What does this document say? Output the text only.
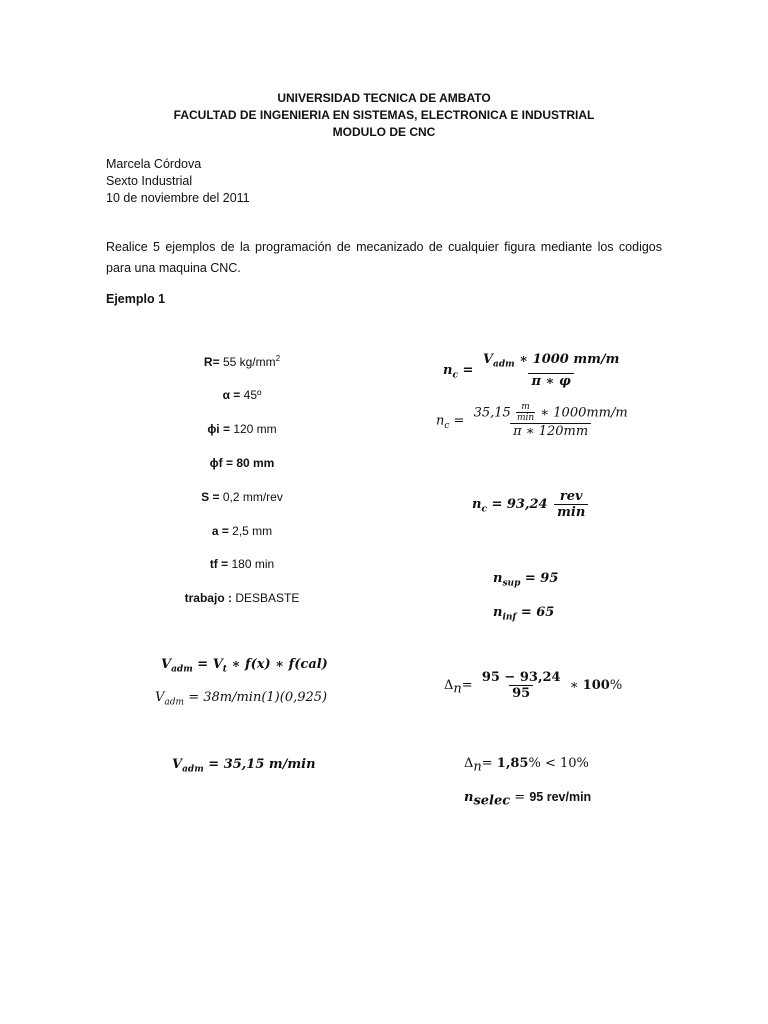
UNIVERSIDAD TECNICA DE AMBATO
FACULTAD DE INGENIERIA EN SISTEMAS, ELECTRONICA E INDUSTRIAL
MODULO DE CNC
Marcela Córdova
Sexto Industrial
10 de noviembre del 2011
Realice 5 ejemplos de la programación de mecanizado de cualquier figura mediante los codigos para una maquina CNC.
Ejemplo 1
R= 55 $kg/mm^2$
α = 45º
ϕi = 120 mm
ϕf = 80 mm
S = 0,2 mm/rev
a = 2,5 mm
tf = 180 min
trabajo : DESBASTE
$V_{adm} = V_t$ ∗ f(x) ∗ f(cal)
$V_{adm} = 38m/\min(1)(0,925)$
$V_{adm} = 35,15$ m/min
$n_c = \frac{V_{adm} ∗ 1000 mm/m}{\pi ∗ \varphi}$
$n_c = \frac{35,15 \frac{m}{\min} ∗ 1000mm/m}{\pi ∗ 120mm}$
$n_c = 93,24 \frac{\text{rev}}{\min}$
$n_{sup} = 95$
$n_{inf} = 65$
$\Delta_n= \frac{95 - 93,24}{95}$ ∗ 100%
$\Delta_n= 1,85\% < 10\%$
$n_{selec} = 95$ rev/min
